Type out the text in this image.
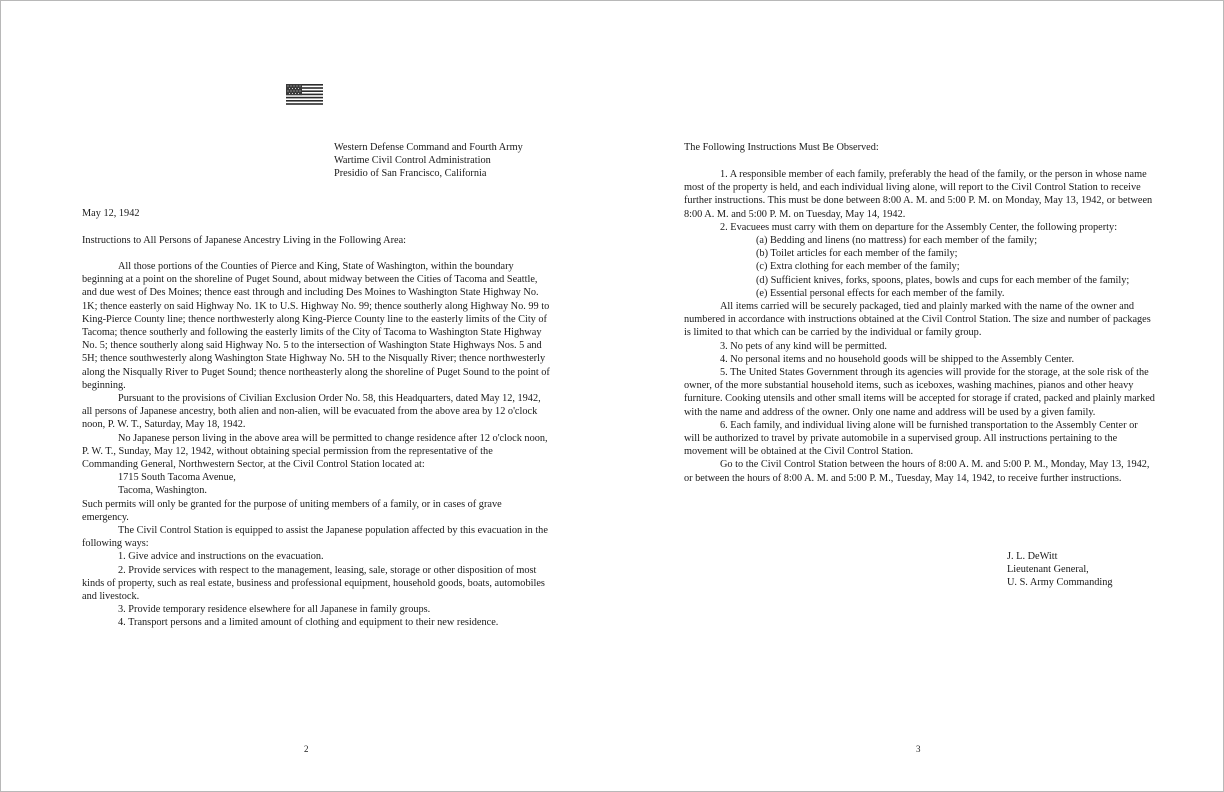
Western Defense Command and Fourth Army

Wartime Civil Control Administration

Presidio of San Francisco, California

May 12, 1942

Instructions to All Persons of Japanese Ancestry Living in the Following Area:

All those portions of the Counties of Pierce and King, State of Washington, within the boundary beginning at a point on the shoreline of Puget Sound, about midway between the Cities of Tacoma and Seattle, and due west of Des Moines; thence east through and including Des Moines to Washington State Highway No. 1K; thence easterly on said Highway No. 1K to U.S. Highway No. 99; thence southerly along Highway No. 99 to King-Pierce County line; thence northwesterly along King-Pierce County line to the easterly limits of the City of Tacoma; thence southerly and following the easterly limits of the City of Tacoma to Washington State Highway No. 5; thence southerly along said Highway No. 5 to the intersection of Washington State Highways Nos. 5 and 5H; thence southwesterly along Washington State Highway No. 5H to the Nisqually River; thence northwesterly along the Nisqually River to Puget Sound; thence northeasterly along the shoreline of Puget Sound to the point of beginning.

Pursuant to the provisions of Civilian Exclusion Order No. 58, this Headquarters, dated May 12, 1942, all persons of Japanese ancestry, both alien and non-alien, will be evacuated from the above area by 12 o'clock noon, P. W. T., Saturday, May 18, 1942.

No Japanese person living in the above area will be permitted to change residence after 12 o'clock noon, P. W. T., Sunday, May 12, 1942, without obtaining special permission from the representative of the Commanding General, Northwestern Sector, at the Civil Control Station located at:

1715 South Tacoma Avenue,

Tacoma, Washington.

Such permits will only be granted for the purpose of uniting members of a family, or in cases of grave emergency.

The Civil Control Station is equipped to assist the Japanese population affected by this evacuation in the following ways:

1. Give advice and instructions on the evacuation.

2. Provide services with respect to the management, leasing, sale, storage or other disposition of most kinds of property, such as real estate, business and professional equipment, household goods, boats, automobiles and livestock.

3. Provide temporary residence elsewhere for all Japanese in family groups.

4. Transport persons and a limited amount of clothing and equipment to their new residence.

2

The Following Instructions Must Be Observed:

1. A responsible member of each family, preferably the head of the family, or the person in whose name most of the property is held, and each individual living alone, will report to the Civil Control Station to receive further instructions. This must be done between 8:00 A. M. and 5:00 P. M. on Monday, May 13, 1942, or between 8:00 A. M. and 5:00 P. M. on Tuesday, May 14, 1942.

2. Evacuees must carry with them on departure for the Assembly Center, the following property:

(a) Bedding and linens (no mattress) for each member of the family;

(b) Toilet articles for each member of the family;

(c) Extra clothing for each member of the family;

(d) Sufficient knives, forks, spoons, plates, bowls and cups for each member of the family;

(e) Essential personal effects for each member of the family.

All items carried will be securely packaged, tied and plainly marked with the name of the owner and numbered in accordance with instructions obtained at the Civil Control Station. The size and number of packages is limited to that which can be carried by the individual or family group.

3. No pets of any kind will be permitted.

4. No personal items and no household goods will be shipped to the Assembly Center.

5. The United States Government through its agencies will provide for the storage, at the sole risk of the owner, of the more substantial household items, such as iceboxes, washing machines, pianos and other heavy furniture. Cooking utensils and other small items will be accepted for storage if crated, packed and plainly marked with the name and address of the owner. Only one name and address will be used by a given family.

6. Each family, and individual living alone will be furnished transportation to the Assembly Center or will be authorized to travel by private automobile in a supervised group. All instructions pertaining to the movement will be obtained at the Civil Control Station.

Go to the Civil Control Station between the hours of 8:00 A. M. and 5:00 P. M., Monday, May 13, 1942, or between the hours of 8:00 A. M. and 5:00 P. M., Tuesday, May 14, 1942, to receive further instructions.

J. L. DeWitt

Lieutenant General,

U. S. Army Commanding

3
